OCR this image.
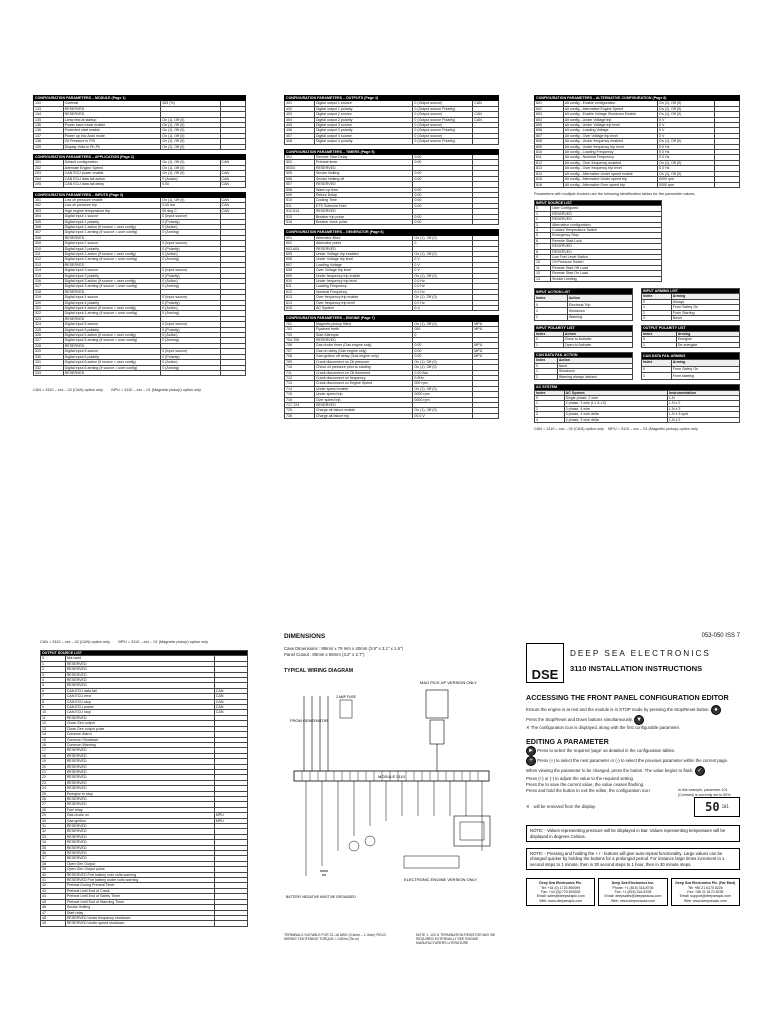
CONFIGURATION PARAMETERS – MODULE (Page 1)			
131	Contrast	053 (%)	
133	RESERVED		
134	RESERVED		
135	Lamp test at startup	On (1), Off (0)	
136	Power save mode enable	On (1), Off (0)	
136	Protected start enable	On (1), Off (0)	
137	Power up into Auto mode	On (1), Off (0)	
138	Oil Pressure in PSI	On (1), Off (0)	
139	Display Volts in Ph-Ph	On (1), Off (0)	
CONFIGURATION PARAMETERS – APPLICATION (Page 2)			
201	Default configuration	On (1), Off (0)	CAN
202	Alternate Engine Speed	On (1), Off (0)	
203	CAN ECU power enable	On (1), Off (0)	CAN
204	CAN ECU data fail action	0 (Action)	CAN
205	CAN ECU data fail delay	0.00	CAN
CONFIGURATION PARAMETERS – INPUTS (Page 3)			
301	Low oil pressure enable	On (1), Off (0)	CAN
302	Low oil pressure trip	0.00 bar	CAN
303	High engine temperature trip	00 deg C	CAN
304	Digital input 1 source	0 (Input source)	
305	Digital input 1 polarity	0 (Polarity)	
306	Digital input 1 action (if source = user config)	0 (Action)	
307	Digital input 1 arming (if source = user config)	0 (Arming)	
308	RESERVED		
309	Digital input 2 source	0 (Input source)	
310	Digital input 2 polarity	0 (Polarity)	
311	Digital input 2 action (if source = user config)	0 (Action)	
312	Digital input 2 arming (if source = user config)	0 (Arming)	
313	RESERVED		
314	Digital input 3 source	0 (Input source)	
315	Digital input 3 polarity	0 (Polarity)	
316	Digital input 3 action (if source = user config)	0 (Action)	
317	Digital input 3 arming (if source = user config)	0 (Arming)	
318	RESERVED		
319	Digital input 4 source	0 (Input source)	
320	Digital input 4 polarity	0 (Polarity)	
321	Digital input 4 action (if source = user config)	0 (Action)	
322	Digital input 4 arming (if source = user config)	0 (Arming)	
323	RESERVED		
324	Digital input 5 source	0 (Input source)	
325	Digital input 5 polarity	0 (Polarity)	
326	Digital input 5 action (if source = user config)	0 (Action)	
327	Digital input 5 arming (if source = user config)	0 (Arming)	
328	RESERVED		
329	Digital input 6 source	0 (Input source)	
330	Digital input 6 polarity	0 (Polarity)	
331	Digital input 6 action (if source = user config)	0 (Action)	
332	Digital input 6 arming (if source = user config)	0 (Arming)	
333	RESERVED		
CAN = 3110 – xxx – 02 (CAN) option only MPU = 3110 – xxx – 01 (Magnetic pickup) option only
CONFIGURATION PARAMETERS – OUTPUTS (Page 4)			
401	Digital output 1 source	0 (Output source)	CAN
402	Digital output 1 polarity	0 (Output source Polarity)	
403	Digital output 2 source	0 (Output source)	CAN
404	Digital output 2 polarity	0 (Output source Polarity)	CAN
405	Digital output 3 source	0 (Output source)	
406	Digital output 3 polarity	0 (Output source Polarity)	
407	Digital output 4 source	0 (Output source)	
408	Digital output 4 polarity	0 (Output source Polarity)	
CONFIGURATION PARAMETERS – TIMERS (Page 5)			
501	Remote Start Delay	0:00	
502	Preheat timer	0:00	
503/4	RESERVED		
505	Smoke limiting	0:00	
506	Smoke limiting off	0:00	
507	RESERVED		
508	Warm up time	0:00	
509	Return Delay	0:00	
510	Cooling Time	0:00	
511	ETS Solenoid Hold	0:00	
512-514	RESERVED		
515	Breaker trip pulse	0:00	
516	Breaker close pulse	0:00	
CONFIGURATION PARAMETERS – GENERATOR (Page 6)			
601	Alternator fitted	On (1), Off (0)	
602	Alternator poles	0	
603-604	RESERVED		
605	Under Voltage trip enabled	On (1), Off (0)	
606	Under Voltage trip level	0 V	
607	Loading Voltage	0 V	
608	Over Voltage trip level	0 V	
609	Under frequency trip enable	On (1), Off (0)	
610	Under frequency trip level	0.0 Hz	
611	Loading Frequency	0.0 Hz	
612	Nominal Frequency	0.0 Hz	
613	Over frequency trip enable	On (1), Off (0)	
614	Over frequency trip level	0.0 Hz	
615	AC System	0-4	
CONFIGURATION PARAMETERS – ENGINE (Page 7)			
701	Magnetic pickup fitted	On (1), Off (0)	MPU
702	Flywheel teeth	000	MPU
703	Start Attempts	0	
704-705	RESERVED		
706	Gas choke timer (Gas engine only)	0:00	MPU
707	Gas on delay (Gas engine only)	0:00	MPU
708	Gas ignition off delay (Gas engine only)	0:00	MPU
709	Crank disconnect on Oil pressure	On (1), Off (0)	
710	Check oil pressure prior to starting	On (1), Off (0)	
711	Crank disconnect on Oil threshold	0.00 Bar	
712	Crank disconnect on frequency	0.0Hz	
713	Crank disconnect on Engine Speed	000 rpm	
714	Under speed enable	On (1), Off (0)	
715	Under speed trip	0000 rpm	
716	Over speed trip	0000 rpm	
717-724	RESERVED		
725	Charge alt failure enable	On (1), Off (0)	
726	Charge alt failure trip	00.0 V	
CONFIGURATION PARAMETERS – ALTERNATIVE CONFIGURATION (Page 8)			
801	Alt config - Enable configuration	On (1), Off (0)	
802	Alt config - Alternative Engine Speed	On (1), Off (0)	
803	Alt config - Enable Voltage Shutdown Enable	On (1), Off (0)	
804	Alt config - Under Voltage trip	0 V	
805	Alt config - Under Voltage trip level	0 V	
806	Alt config - Loading Voltage	0 V	
807	Alt config - Over Voltage trip level	0 V	
808	Alt config - Under frequency enabled	On (1), Off (0)	
809	Alt config - Under frequency trip level	0.0 Hz	
810	Alt config - Loading Frequency	0.0 Hz	
811	Alt config - Nominal Frequency	0.0 Hz	
812	Alt config - Over frequency enabled	On (1), Off (0)	
813	Alt config - Over frequency trip level	0.0 Hz	
814	Alt config - Alternative Under speed enable	On (1), Off (0)	
815	Alt config - Alternative Under speed trip	0000 rpm	
816	Alt config - Alternative Over speed trip	0000 rpm	
Parameters with multiple choices use the following identification tables for the parameter values.
INPUT SOURCE LIST	
0	User Configured
1	RESERVED
2	RESERVED
3	Alternative configuration
4	Coolant Temperature Switch
5	Emergency Stop
6	Remote Start Lock
7	RESERVED
8	RESERVED
9	Low Fuel Level Switch
10	Oil Pressure Switch
11	Remote Start Off Load
12	Remote Start On Load
13	Smoke Limiting
INPUT ACTION LIST	
Index	Action
0	Electrical Trip
1	Shutdown
2	Warning
INPUT ARMING LIST	
Index	Arming
0	Always
1	From Safety On
2	From Starting
3	Never
INPUT POLARITY LIST	
Index	Action
0	Close to Activate
1	Open to Activate
OUTPUT POLARITY LIST	
Index	Arming
0	Energise
1	De-energise
CAN DATA FAIL ACTION	
Index	Action
0	None
1	Shutdown
2	Warning always latched
CAN DATA FAIL ARMING	
Index	Arming
0	From Safety On
1	From starting
AC SYSTEM		
Index	AC System	Instrumentation
0	Single phase, 2 wire	L-N
1	2 phase, 3 wire (L1 & L3)	L-N x 2
2	3 phase, 4 wire	L-N x 3
3	3 phase, 4 wire delta	L-N x 3 split
4	2 phase, 3 wire delta	L-N x 2
CAN = 3110 – xxx – 02 (CAN) option only MPU = 3110 – xxx – 01 (Magnetic pickup) option only
CAN = 3110 – xxx – 02 (CAN) option only MPU = 3110 – xxx – 01 (Magnetic pickup) option only
OUTPUT SOURCE LIST		
0	Not used	
1	RESERVED	
2	RESERVED	
3	RESERVED	
4	RESERVED	
5	RESERVED	
6	CAN ECU data fail	CAN
7	CAN ECU error	CAN
8	CAN ECU stop	CAN
9	CAN ECU power	CAN
10	CAN ECU stop	CAN
11	RESERVED	
12	Close Gen output	
13	Close Gen output pulse	
14	Common Alarm	
15	Common Shutdown	
16	Common Warning	
17	RESERVED	
18	RESERVED	
19	RESERVED	
20	RESERVED	
21	RESERVED	
22	RESERVED	
23	RESERVED	
24	RESERVED	
25	Energise to stop	
26	RESERVED	
27	RESERVED	
28	Fuel relay	
29	Gas choke on	MPU
30	Gas ignition	MPU
31	RESERVED	
32	RESERVED	
33	RESERVED	
34	RESERVED	
35	RESERVED	
36	RESERVED	
37	RESERVED	
38	Open Gen Output	
39	Open Gen Output pulse	
40	RESERVED Port battery over volts warning	
41	RESERVED Port battery under volts warning	
42	Preheat During Preheat Timer	
43	Preheat Until End of Crank	
44	Preheat Until End of Safety Timer	
45	Preheat Until End of Warming Timer	
46	Smoke limiting	
47	Start relay	
48	RESERVED Under frequency shutdown	
49	RESERVED Under speed shutdown	
DIMENSIONS
Case Dimensions : 99mm x 79 mm x 40mm (3.9" x 3.1" x 1.6")
Panel Cutout : 80mm x 68mm (3.2" x 2.7")
TYPICAL WIRING DIAGRAM
FROM GENERATOR
2 AMP FUSE
MAG PICK UP VERSION ONLY
MODULE 3110
ELECTRONIC ENGINE VERSION ONLY
BATTERY NEGATIVE MUST BE GROUNDED
TERMINALS SUITABLE FOR 22–16 AWG (0.6mm – 1.3mm) FIELD WIRING TIGHTENING TORQUE = 0.8Nm (7lb-in)
NOTE 1. 120 Ω TERMINATION RESISTOR MAY BE REQUIRED EXTERNALLY SEE ENGINE MANUFACTURERS LITERATURE
053-050 ISS 7
DSE
DEEP SEA ELECTRONICS
3110 INSTALLATION INSTRUCTIONS
ACCESSING THE FRONT PANEL CONFIGURATION EDITOR
Ensure the engine is at rest and the module is in STOP mode by pressing the Stop/Reset button. ●
Press the Stop/Reset and Down buttons simultaneously. ▼
✕ The configuration icon is displayed, along with the first configurable parameter.
EDITING A PARAMETER
► Press to select the required 'page' as detailed in the configuration tables.
+ Press (+) to select the next parameter or (-) to select the previous parameter within the current page.
When viewing the parameter to be changed, press the button. The value begins to flash. ✓
Press (+) or (-) to adjust the value to the required setting.
Press the to save the current value, the value ceases flashing.
Press and hold the button to exit the editor, the configuration icon	In this example, parameter 101 (Contrast) is currently set to 50%.
✕ will be removed from the display.	50 101
NOTE: - Values representing pressure will be displayed in Bar. Values representing temperature will be displayed in degrees Celsius.
NOTE: - Pressing and holding the + / - buttons will give auto-repeat functionality. Large values can be changed quicker by holding the buttons for a prolonged period. For instance large times increment in 1 second steps to 1 minute, then in 30 second steps to 1 hour, then in 30 minute steps.
Deep Sea Electronics Plc.
Tel: +44 (0) 1723 890099
Fax: +44 (0)1723 893303
Email: sales@deepseaplc.com
Web: www.deepseaplc.com
Deep Sea Electronics Inc.
Phone: +1 (815) 316-8706
Fax: +1 (815) 316-8708
Email: deepsales@deepseausa.com
Web: www.deepseausa.com
Deep Sea Electronics Plc. (Far East)
Tel: +86 21 6170 8226
Fax: +86 21 6170 8228
Email: support@deepseaplc.com
Web: www.deepseaplc.com
